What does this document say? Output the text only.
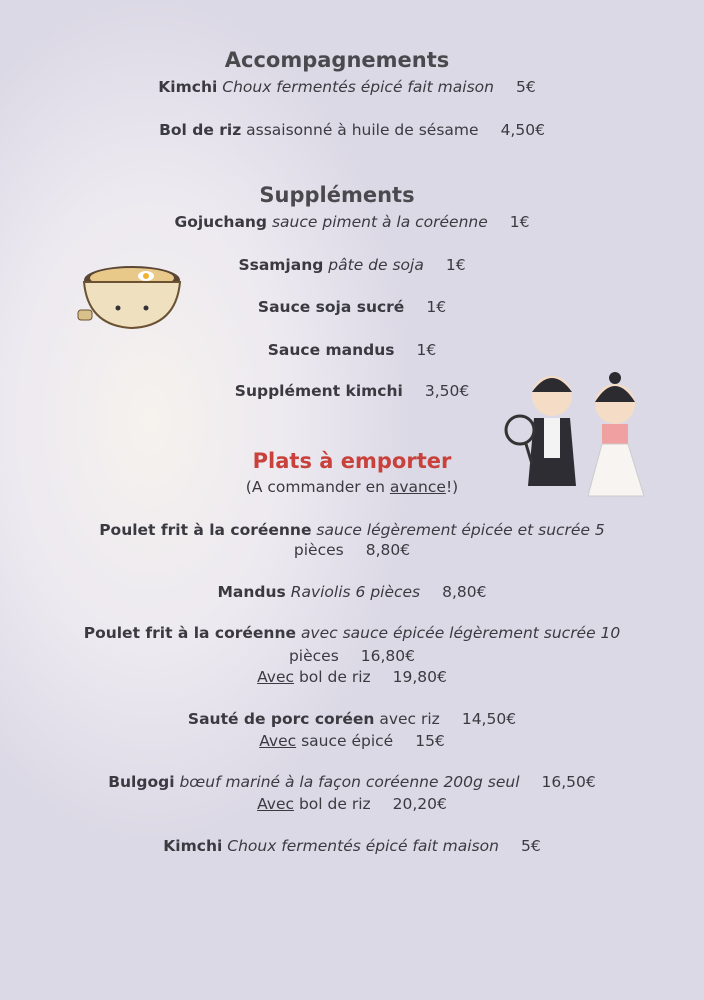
Accompagnements
Kimchi Choux fermentés épicé fait maison 5€
Bol de riz assaisonné à huile de sésame 4,50€
Suppléments
Gojuchang sauce piment à la coréenne 1€
Ssamjang pâte de soja 1€
Sauce soja sucré 1€
Sauce mandus 1€
Supplément kimchi 3,50€
Plats à emporter
(A commander en avance!)
Poulet frit à la coréenne sauce légèrement épicée et sucrée 5
pièces 8,80€
Mandus Raviolis 6 pièces 8,80€
Poulet frit à la coréenne avec sauce épicée légèrement sucrée 10
pièces 16,80€
Avec bol de riz 19,80€
Sauté de porc coréen avec riz 14,50€
Avec sauce épicé 15€
Bulgogi bœuf mariné à la façon coréenne 200g seul 16,50€
Avec bol de riz 20,20€
Kimchi Choux fermentés épicé fait maison 5€
